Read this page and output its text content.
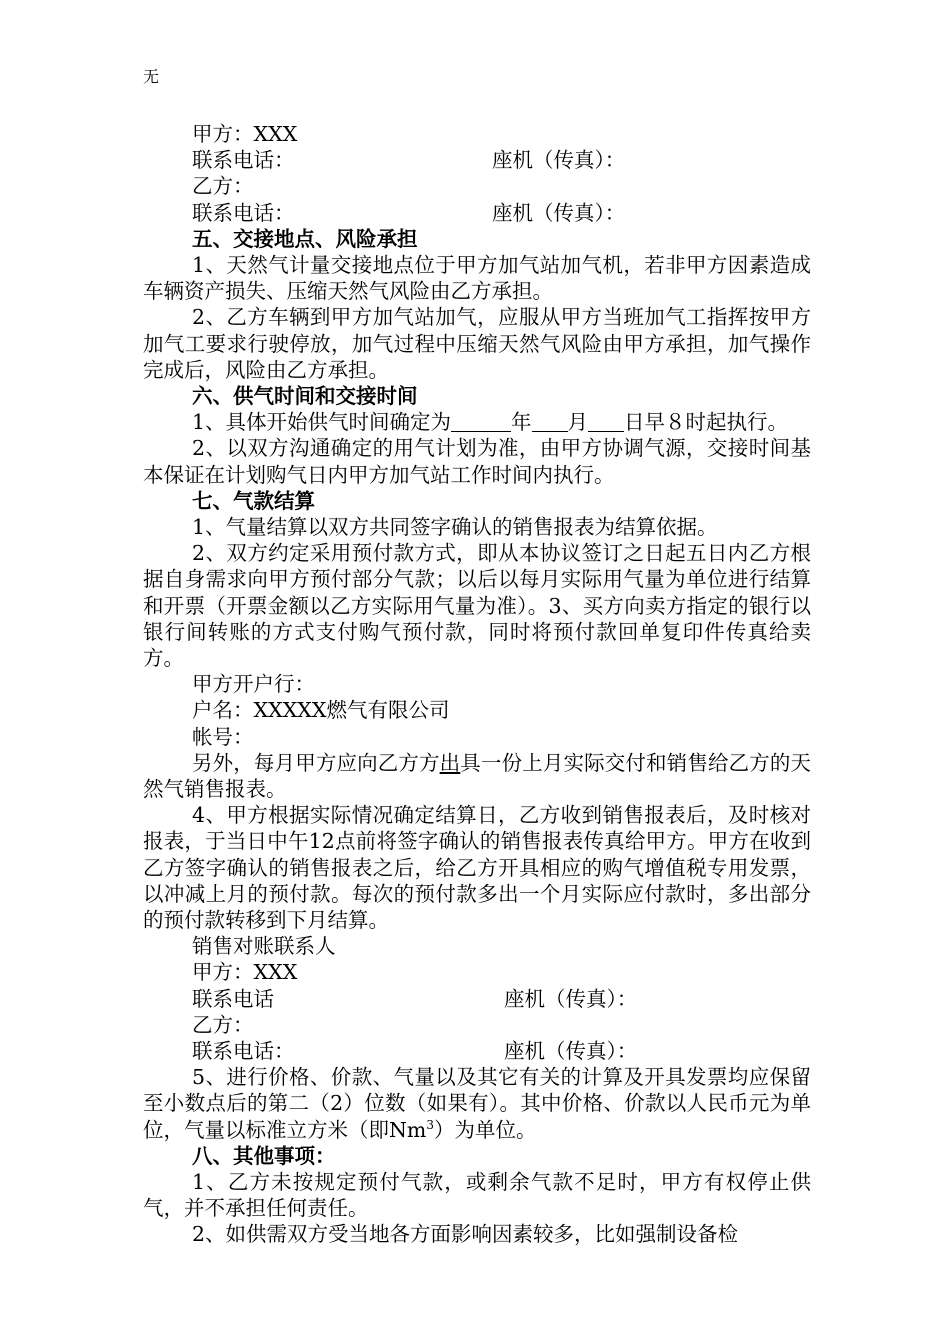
无
甲方：XXX
联系电话：	座机（传真）：
乙方：
联系电话：	座机（传真）：
五、交接地点、风险承担

1、天然气计量交接地点位于甲方加气站加气机，若非甲方因素造成车辆资产损失、压缩天然气风险由乙方承担。

2、乙方车辆到甲方加气站加气，应服从甲方当班加气工指挥按甲方加气工要求行驶停放，加气过程中压缩天然气风险由甲方承担，加气操作完成后，风险由乙方承担。

六、供气时间和交接时间

1、具体开始供气时间确定为	年 月 日早８时起执行。

2、以双方沟通确定的用气计划为准，由甲方协调气源，交接时间基本保证在计划购气日内甲方加气站工作时间内执行。

七、气款结算

1、气量结算以双方共同签字确认的销售报表为结算依据。

2、双方约定采用预付款方式，即从本协议签订之日起五日内乙方根据自身需求向甲方预付部分气款；以后以每月实际用气量为单位进行结算和开票（开票金额以乙方实际用气量为准）。3、买方向卖方指定的银行以银行间转账的方式支付购气预付款，同时将预付款回单复印件传真给卖方。

甲方开户行：
户名：XXXXX燃气有限公司
帐号：

另外，每月甲方应向乙方方出具一份上月实际交付和销售给乙方的天然气销售报表。

4、甲方根据实际情况确定结算日，乙方收到销售报表后，及时核对报表，于当日中午12点前将签字确认的销售报表传真给甲方。甲方在收到乙方签字确认的销售报表之后，给乙方开具相应的购气增值税专用发票，以冲减上月的预付款。每次的预付款多出一个月实际应付款时，多出部分的预付款转移到下月结算。

销售对账联系人
甲方：XXX
联系电话	座机（传真）：
乙方：
联系电话：	座机（传真）：

5、进行价格、价款、气量以及其它有关的计算及开具发票均应保留至小数点后的第二（2）位数（如果有）。其中价格、价款以人民币元为单位，气量以标准立方米（即Nm$^3$）为单位。

八、其他事项：

1、乙方未按规定预付气款，或剩余气款不足时，甲方有权停止供气，并不承担任何责任。

2、如供需双方受当地各方面影响因素较多，比如强制设备检
